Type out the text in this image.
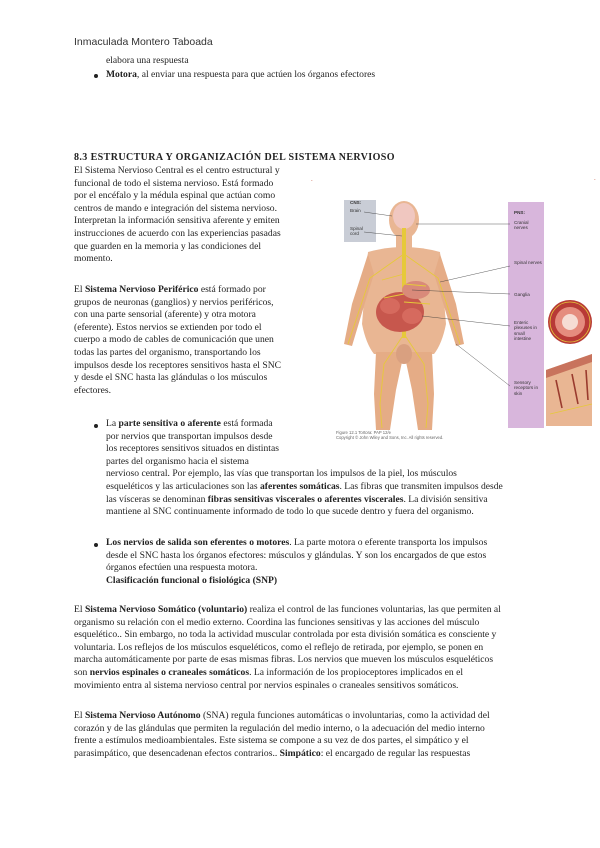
Inmaculada Montero Taboada
elabora una respuesta
Motora, al enviar una respuesta para que actúen los órganos efectores
8.3 ESTRUCTURA Y ORGANIZACIÓN DEL SISTEMA NERVIOSO
El Sistema Nervioso Central es el centro estructural y
funcional de todo el sistema nervioso. Está formado
por el encéfalo y la médula espinal que actúan como
centros de mando e integración del sistema nervioso.
Interpretan la información sensitiva aferente y emiten
instrucciones de acuerdo con las experiencias pasadas
que guarden en la memoria y las condiciones del
momento.
El Sistema Nervioso Periférico está formado por
grupos de neuronas (ganglios) y nervios periféricos,
con una parte sensorial (aferente) y otra motora
(eferente). Estos nervios se extienden por todo el
cuerpo a modo de cables de comunicación que unen
todas las partes del organismo, transportando los
impulsos desde los receptores sensitivos hasta el SNC
y desde el SNC hasta las glándulas o los músculos
efectores.
La parte sensitiva o aferente está formada
por nervios que transportan impulsos desde
los receptores sensitivos situados en distintas
partes del organismo hacia el sistema
nervioso central. Por ejemplo, las vías que transportan los impulsos de la piel, los músculos
esqueléticos y las articulaciones son las aferentes somáticas. Las fibras que transmiten impulsos desde
las vísceras se denominan fibras sensitivas viscerales o aferentes viscerales. La división sensitiva
mantiene al SNC continuamente informado de todo lo que sucede dentro y fuera del organismo.
Los nervios de salida son eferentes o motores. La parte motora o eferente transporta los impulsos
desde el SNC hasta los órganos efectores: músculos y glándulas. Y son los encargados de que estos
órganos efectúen una respuesta motora.
Clasificación funcional o fisiológica (SNP)
El Sistema Nervioso Somático (voluntario) realiza el control de las funciones voluntarias, las que permiten al
organismo su relación con el medio externo. Coordina las funciones sensitivas y las acciones del músculo
esquelético.. Sin embargo, no toda la actividad muscular controlada por esta división somática es consciente y
voluntaria. Los reflejos de los músculos esqueléticos, como el reflejo de retirada, por ejemplo, se ponen en
marcha automáticamente por parte de esas mismas fibras. Los nervios que mueven los músculos esqueléticos
son nervios espinales o craneales somáticos. La información de los propioceptores implicados en el
movimiento entra al sistema nervioso central por nervios espinales o craneales sensitivos somáticos.
El Sistema Nervioso Autónomo (SNA) regula funciones automáticas o involuntarias, como la actividad del
corazón y de las glándulas que permiten la regulación del medio interno, o la adecuación del medio interno
frente a estímulos medioambientales. Este sistema se compone a su vez de dos partes, el simpático y el
parasimpático, que desencadenan efectos contrarios.. Simpático: el encargado de regular las respuestas
´	´
CNS:
Brain
Spinal cord
PNS:
Cranial nerves
Spinal nerves
Ganglia
Enteric plexuses in small intestine
Sensory receptors in skin
Figure 12.1 Tortora: PAP 12/e
Copyright © John Wiley and Sons, Inc. All rights reserved.
